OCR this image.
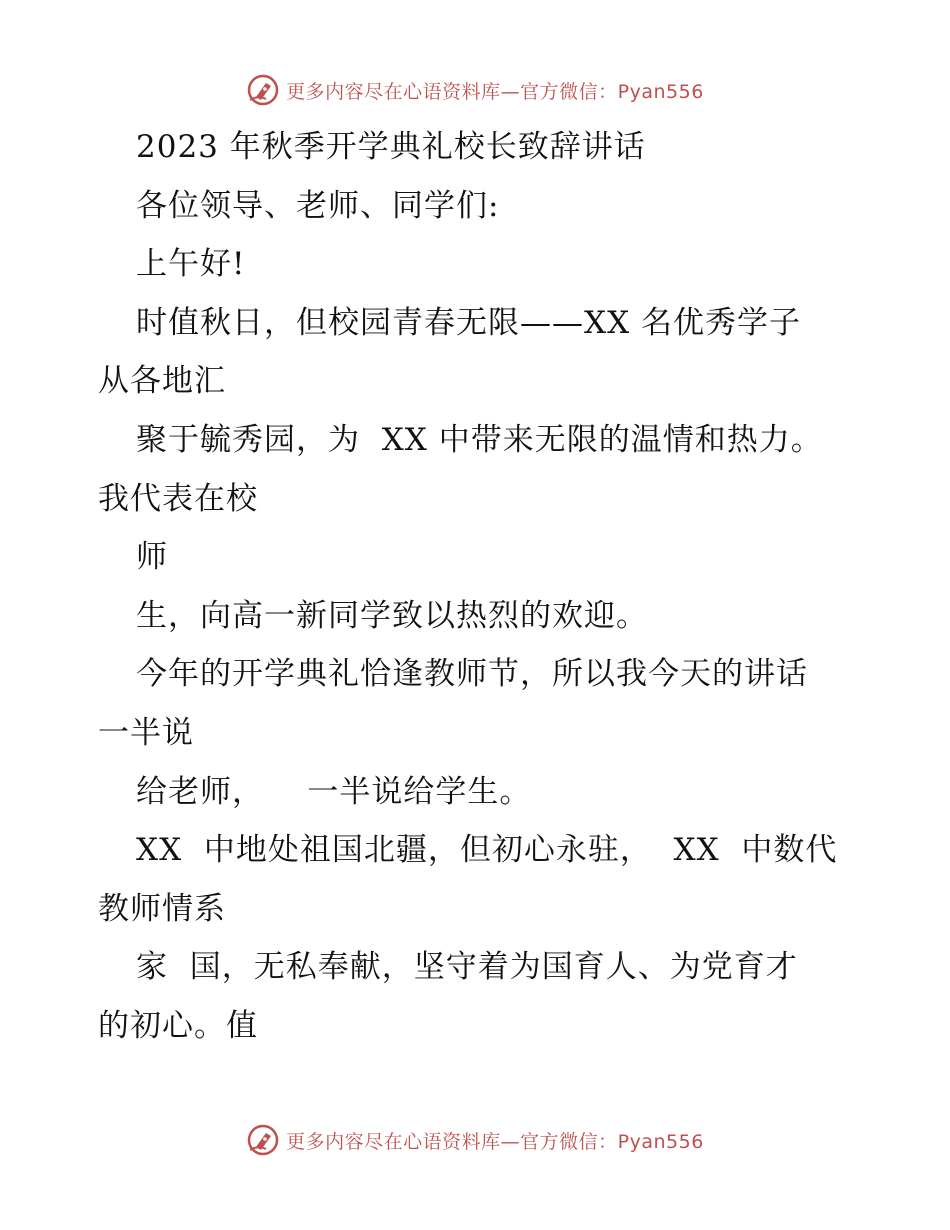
更多内容尽在心语资料库—官方微信：Pyan556
2023 年秋季开学典礼校长致辞讲话
各位领导、老师、同学们:
上午好!
时值秋日，但校园青春无限——XX 名优秀学子
从各地汇
聚于毓秀园，为  XX 中带来无限的温情和热力。
我代表在校
师
生，向高一新同学致以热烈的欢迎。
今年的开学典礼恰逢教师节，所以我今天的讲话
一半说
给老师，    一半说给学生。
XX  中地处祖国北疆，但初心永驻，  XX  中数代
教师情系
家  国，无私奉献，坚守着为国育人、为党育才
的初心。值
更多内容尽在心语资料库—官方微信：Pyan556
